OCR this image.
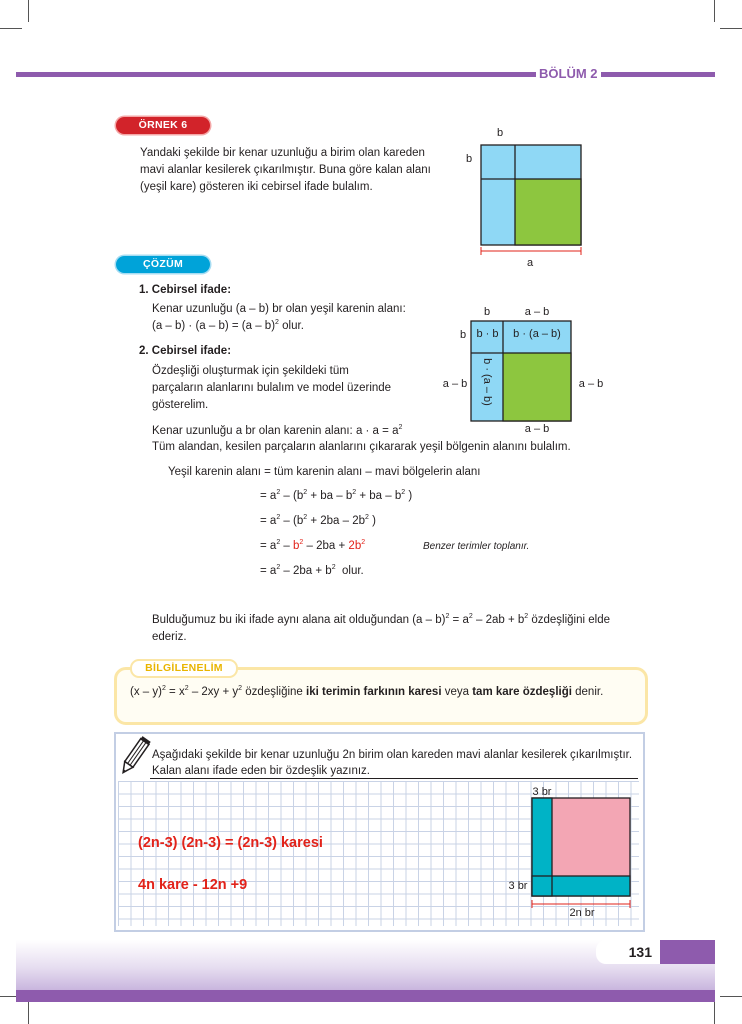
BÖLÜM 2
ÖRNEK 6
Yandaki şekilde bir kenar uzunluğu a birim olan kareden
mavi alanlar kesilerek çıkarılmıştır. Buna göre kalan alanı
(yeşil kare) gösteren iki cebirsel ifade bulalım.
b
b
a
ÇÖZÜM
1. Cebirsel ifade:
Kenar uzunluğu (a – b) br olan yeşil karenin alanı:
(a – b) · (a – b) = (a – b)$^2$ olur.
2. Cebirsel ifade:
Özdeşliği oluşturmak için şekildeki tüm
parçaların alanlarını bulalım ve model üzerinde
gösterelim.
Kenar uzunluğu a br olan karenin alanı: $a \cdot a = a^2$
Tüm alandan, kesilen parçaların alanlarını çıkararak yeşil bölgenin alanını bulalım.
Yeşil karenin alanı = tüm karenin alanı – mavi bölgelerin alanı
= $a^2 - (b^2$ + ba – $b^2$ + ba – $b^2$ )
= $a^2 - (b^2 + 2ba - 2b^2$ )
= $a^2 - b^2 - 2ba + 2b^2$	Benzer terimler toplanır.
= $a^2 - 2ba + b^2$  olur.
b	a – b
b
a – b	a – b
a – b
b · b	b · (a – b)
b · (a – b)
Bulduğumuz bu iki ifade aynı alana ait olduğundan $(a - b)^2 = a^2 - 2ab + b^2$ özdeşliğini elde
ederiz.
BİLGİLENELİM
$(x - y)^2 = x^2 - 2xy + y^2$ özdeşliğine iki terimin farkının karesi veya tam kare özdeşliği denir.
Aşağıdaki şekilde bir kenar uzunluğu 2n birim olan kareden mavi alanlar kesilerek çıkarılmıştır.
Kalan alanı ifade eden bir özdeşlik yazınız.
(2n-3) (2n-3) = (2n-3) karesi
4n kare - 12n +9
3 br
3 br
2n br
131
